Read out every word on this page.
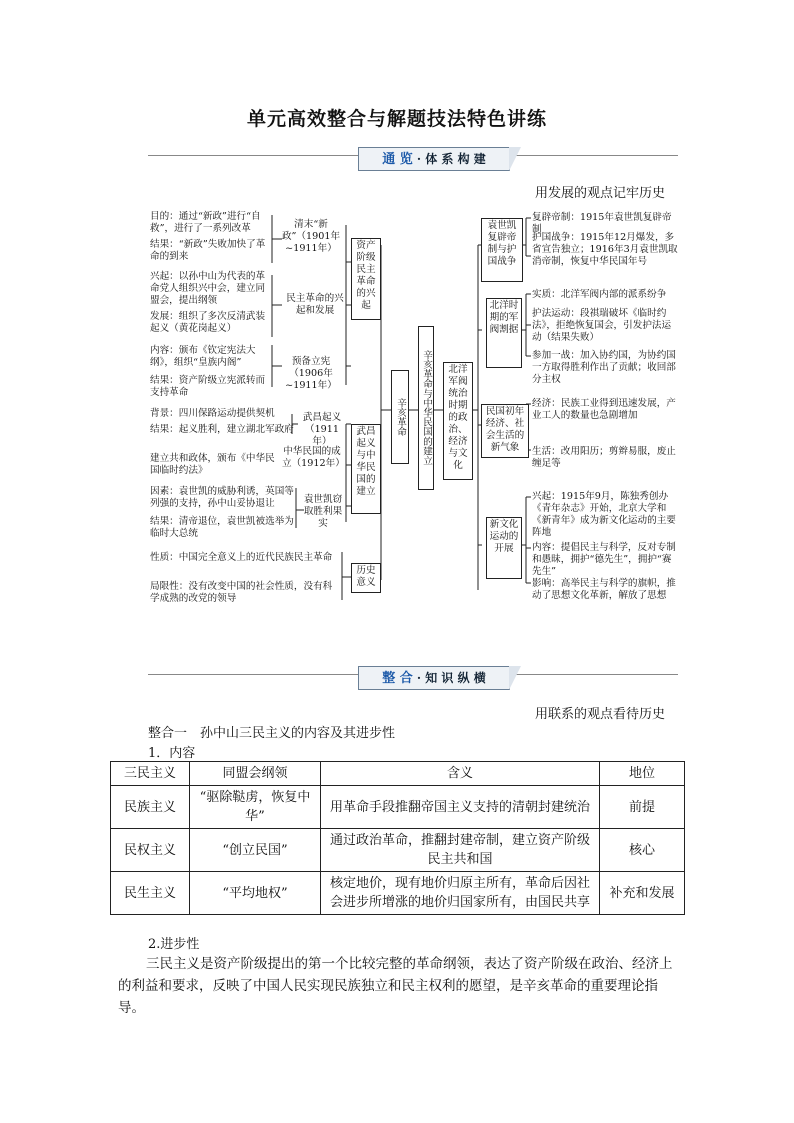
单元高效整合与解题技法特色讲练
通 览 · 体 系 构 建
用发展的观点记牢历史
目的：通过“新政”进行“自救”，进行了一系列改革
结果：“新政”失败加快了革命的到来
清末“新政”（1901年~1911年）
兴起：以孙中山为代表的革命党人组织兴中会，建立同盟会，提出纲领
发展：组织了多次反清武装起义（黄花岗起义）
民主革命的兴起和发展
内容：颁布《钦定宪法大纲》，组织“皇族内阁”
结果：资产阶级立宪派转而支持革命
预备立宪（1906年~1911年）
背景：四川保路运动提供契机
结果：起义胜利，建立湖北军政府
武昌起义（1911年）
建立共和政体，颁布《中华民国临时约法》
中华民国的成立（1912年）
因素：袁世凯的威胁利诱，英国等列强的支持，孙中山妥协退让
结果：清帝退位，袁世凯被选举为临时大总统
袁世凯窃取胜利果实
性质：中国完全意义上的近代民族民主革命
局限性：没有改变中国的社会性质，没有科学成熟的改党的领导
资产阶级民主革命的兴起
武昌起义与中华民国的建立
历史意义
辛亥革命	辛亥革命与中华民国的建立	北洋军阀统治时期的政治、经济与文化
袁世凯复辟帝制与护国战争
北洋时期的军阀割据
民国初年经济、社会生活的新气象
新文化运动的开展
复辟帝制：1915年袁世凯复辟帝制
护国战争：1915年12月爆发，多省宣告独立；1916年3月袁世凯取消帝制，恢复中华民国年号
实质：北洋军阀内部的派系纷争
护法运动：段祺瑞破坏《临时约法》，拒绝恢复国会，引发护法运动（结果失败）
参加一战：加入协约国，为协约国一方取得胜利作出了贡献；收回部分主权
经济：民族工业得到迅速发展，产业工人的数量也急剧增加
生活：改用阳历；剪辫易服，废止缠足等
兴起：1915年9月，陈独秀创办《青年杂志》开始，北京大学和《新青年》成为新文化运动的主要阵地
内容：提倡民主与科学，反对专制和愚昧，拥护“德先生”，拥护“赛先生”
影响：高举民主与科学的旗帜，推动了思想文化革新，解放了思想
整 合 · 知 识 纵 横
用联系的观点看待历史
整合一　孙中山三民主义的内容及其进步性
1．内容
三民主义	同盟会纲领	含义	地位
民族主义	“驱除鞑虏，恢复中华”	用革命手段推翻帝国主义支持的清朝封建统治	前提
民权主义	“创立民国”	通过政治革命，推翻封建帝制，建立资产阶级民主共和国	核心
民生主义	“平均地权”	核定地价，现有地价归原主所有，革命后因社会进步所增涨的地价归国家所有，由国民共享	补充和发展
2.进步性
三民主义是资产阶级提出的第一个比较完整的革命纲领，表达了资产阶级在政治、经济上的利益和要求，反映了中国人民实现民族独立和民主权利的愿望，是辛亥革命的重要理论指导。
